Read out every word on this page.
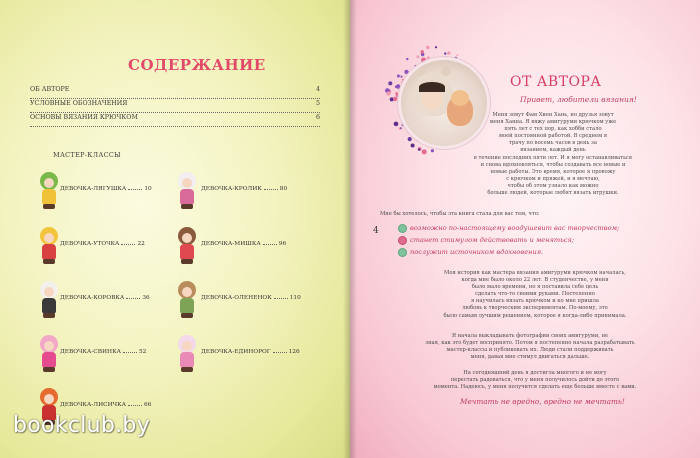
СОДЕРЖАНИЕ
ОБ АВТОРЕ	4
УСЛОВНЫЕ ОБОЗНАЧЕНИЯ	5
ОСНОВЫ ВЯЗАНИЯ КРЮЧКОМ	6
МАСТЕР-КЛАССЫ
ДЕВОЧКА-ЛЯГУШКА	10
ДЕВОЧКА-УТОЧКА	22
ДЕВОЧКА-КОРОВКА	36
ДЕВОЧКА-СВИНКА	52
ДЕВОЧКА-ЛИСИЧКА	66
ДЕВОЧКА-КРОЛИК	80
ДЕВОЧКА-МИШКА	96
ДЕВОЧКА-ОЛЕНЕНОК	110
ДЕВОЧКА-ЕДИНОРОГ	126
bookclub.by
ОТ АВТОРА
Привет, любители вязания!
Меня зовут Фам Хиен Хань, но друзья зовут
меня Ханна. Я вяжу амигуруми крючком уже
пять лет с тех пор, как хобби стало
моей постоянной работой. В среднем я
трачу по восемь часов в день за
вязанием, каждый день
в течение последних пяти лет. И я могу останавливаться
и снова вдохновляться, чтобы создавать все новые и
новые работы. Это время, которое я провожу
с крючком и пряжей, и я мечтаю,
чтобы об этом узнало как можно
больше людей, которые любят вязать игрушки.
Мне бы хотелось, чтобы эта книга стала для вас тем, что:
4	возможно по-настоящему воодушевит вас творчеством;
станет стимулом действовать и меняться;
послужит источником вдохновения.
Моя история как мастера вязания амигуруми крючком началась,
когда мне было около 22 лет. В студенчестве, у меня
было мало времени, но я поставила себе цель
сделать что-то своими руками. Постепенно
я научилась вязать крючком и ко мне пришла
любовь к творческим экспериментам. По-моему, это
было самым лучшим решением, которое я когда-либо принимала.
Я начала выкладывать фотографии своих амигуруми, не
зная, как это будет воспринято. Потом я постепенно начала разрабатывать
мастер-классы и публиковать их. Люди стали поддерживать
меня, давая мне стимул двигаться дальше.
На сегодняшний день я достигла многого и не могу
перестать радоваться, что у меня получилось дойти до этого
момента. Надеюсь, у меня получится сделать еще больше вместе с вами.
Мечтать не вредно, вредно не мечтать!
